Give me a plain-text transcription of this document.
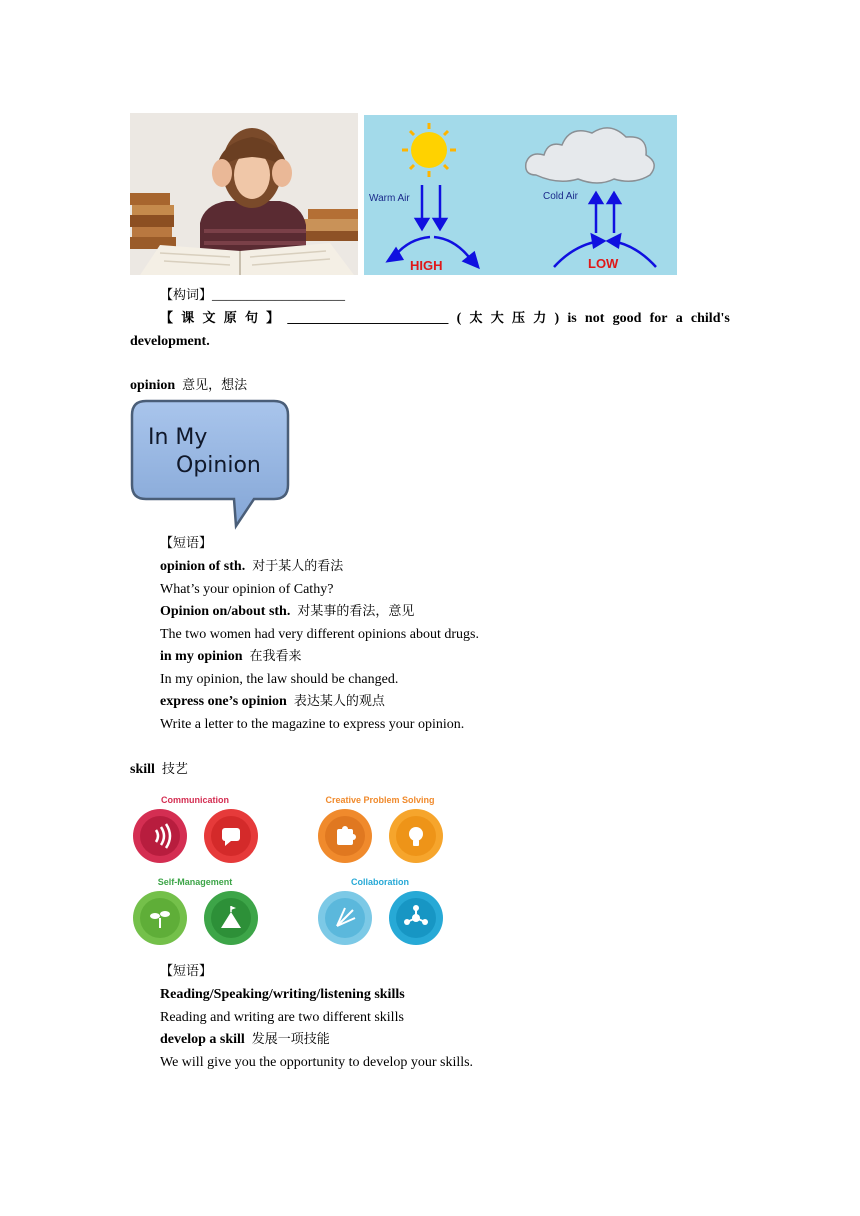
Warm Air	Cold Air
HIGH	LOW
【构词】___________________
【 课 文 原 句 】 _______________________ ( 太 大 压 力 ) is not good for a child's
development.
opinion 意见，想法
In My
Opinion
【短语】
opinion of sth. 对于某人的看法
What’s your opinion of Cathy?
Opinion on/about sth. 对某事的看法，意见
The two women had very different opinions about drugs.
in my opinion 在我看来
In my opinion, the law should be changed.
express one’s opinion 表达某人的观点
Write a letter to the magazine to express your opinion.
skill 技艺
Communication	Creative Problem Solving
Self-Management	Collaboration
【短语】
Reading/Speaking/writing/listening skills
Reading and writing are two different skills
develop a skill 发展一项技能
We will give you the opportunity to develop your skills.
